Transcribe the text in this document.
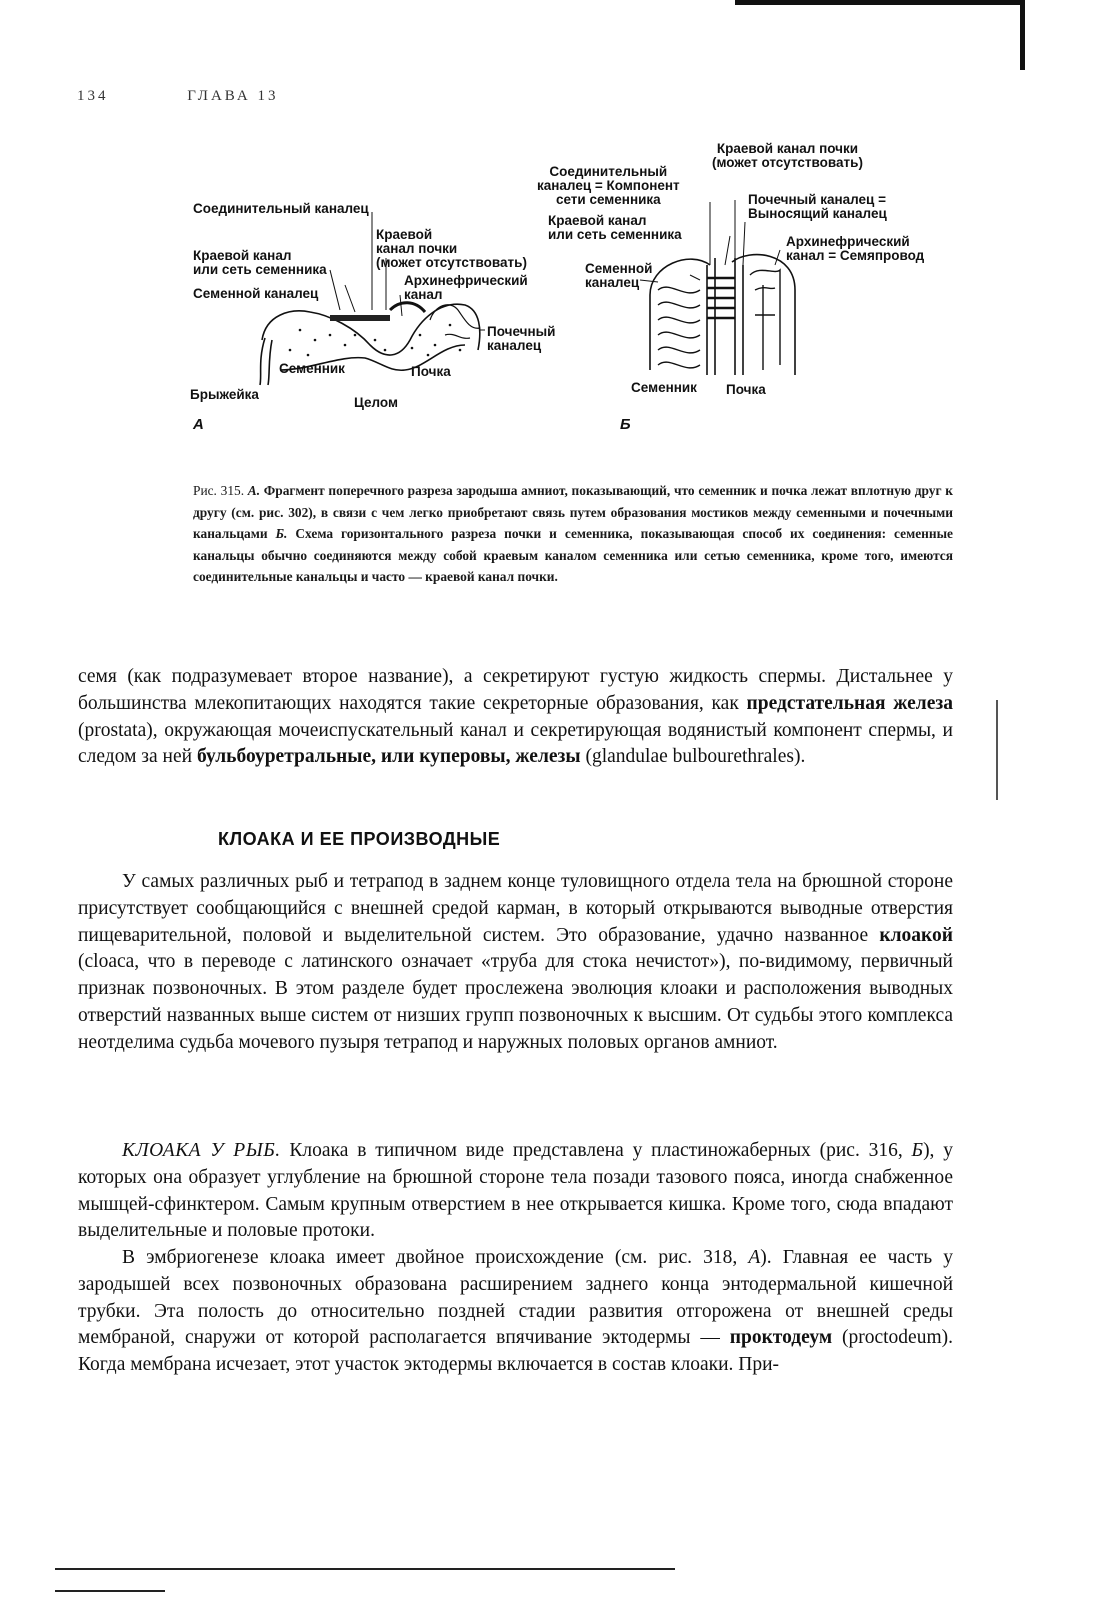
134	ГЛАВА 13
Соединительный каналец
Краевой
канал почки
(может отсутствовать)
Краевой канал
или сеть семенника
Семенной каналец
Архинефрический
канал
Почечный
каналец
Семенник	Почка
Брыжейка
Целом
А
Соединительный
каналец = Компонент
сети семенника
Краевой канал
или сеть семенника
Краевой канал почки
(может отсутствовать)
Почечный каналец =
Выносящий каналец
Архинефрический
канал = Семяпровод
Семенной
каналец
Семенник Почка
Б
Рис. 315. А. Фрагмент поперечного разреза зародыша амниот, показывающий, что семенник и почка лежат вплотную друг к другу (см. рис. 302), в связи с чем легко приобретают связь путем образования мостиков между семенными и почечными канальцами Б. Схема горизонтального разреза почки и семенника, показывающая способ их соединения: семенные канальцы обычно соединяются между собой краевым каналом семенника или сетью семенника, кроме того, имеются соединительные канальцы и часто — краевой канал почки.
семя (как подразумевает второе название), а секретируют густую жидкость спермы. Дистальнее у большинства млекопитающих находятся такие секреторные образования, как предстательная железа (prostata), окружающая мочеиспускательный канал и секретирующая водянистый компонент спермы, и следом за ней бульбоуретральные, или куперовы, железы (glandulae bulbourethrales).
КЛОАКА И ЕЕ ПРОИЗВОДНЫЕ
У самых различных рыб и тетрапод в заднем конце туловищного отдела тела на брюшной стороне присутствует сообщающийся с внешней средой карман, в который открываются выводные отверстия пищеварительной, половой и выделительной систем. Это образование, удачно названное клоакой (cloaca, что в переводе с латинского означает «труба для стока нечистот»), по-видимому, первичный признак позвоночных. В этом разделе будет прослежена эволюция клоаки и расположения выводных отверстий названных выше систем от низших групп позвоночных к высшим. От судьбы этого комплекса неотделима судьба мочевого пузыря тетрапод и наружных половых органов амниот.
КЛОАКА У РЫБ. Клоака в типичном виде представлена у пластиножаберных (рис. 316, Б), у которых она образует углубление на брюшной стороне тела позади тазового пояса, иногда снабженное мышцей-сфинктером. Самым крупным отверстием в нее открывается кишка. Кроме того, сюда впадают выделительные и половые протоки.
В эмбриогенезе клоака имеет двойное происхождение (см. рис. 318, А). Главная ее часть у зародышей всех позвоночных образована расширением заднего конца энтодермальной кишечной трубки. Эта полость до относительно поздней стадии развития отгорожена от внешней среды мембраной, снаружи от которой располагается впячивание эктодермы — проктодеум (proctodeum). Когда мембрана исчезает, этот участок эктодермы включается в состав клоаки. При-
